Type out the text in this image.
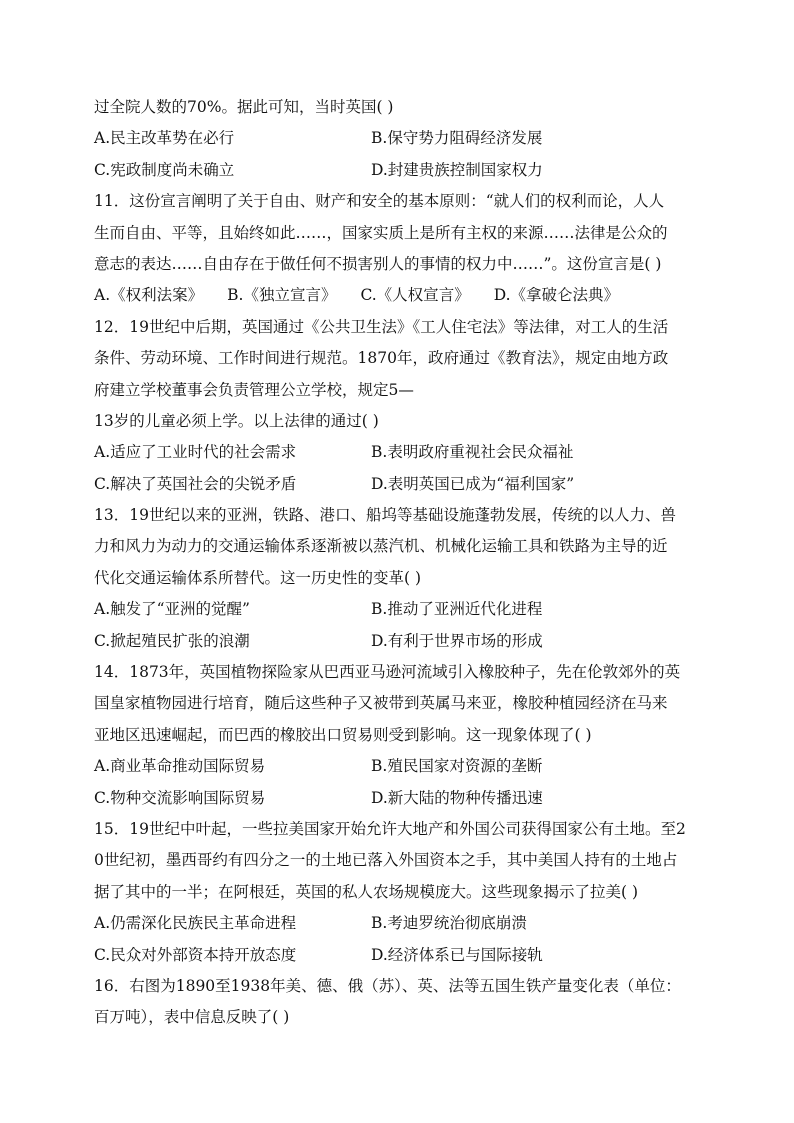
过全院人数的70%。据此可知，当时英国( )
A.民主改革势在必行	B.保守势力阻碍经济发展
C.宪政制度尚未确立	D.封建贵族控制国家权力
11．这份宣言阐明了关于自由、财产和安全的基本原则：“就人们的权利而论，人人
生而自由、平等，且始终如此……，国家实质上是所有主权的来源……法律是公众的
意志的表达……自由存在于做任何不损害别人的事情的权力中……”。这份宣言是( )
A.《权利法案》 B.《独立宣言》 C.《人权宣言》 D.《拿破仑法典》
12．19世纪中后期，英国通过《公共卫生法》《工人住宅法》等法律，对工人的生活
条件、劳动环境、工作时间进行规范。1870年，政府通过《教育法》，规定由地方政
府建立学校董事会负责管理公立学校，规定5—
13岁的儿童必须上学。以上法律的通过( )
A.适应了工业时代的社会需求	B.表明政府重视社会民众福祉
C.解决了英国社会的尖锐矛盾	D.表明英国已成为“福利国家”
13．19世纪以来的亚洲，铁路、港口、船坞等基础设施蓬勃发展，传统的以人力、兽
力和风力为动力的交通运输体系逐渐被以蒸汽机、机械化运输工具和铁路为主导的近
代化交通运输体系所替代。这一历史性的变革( )
A.触发了“亚洲的觉醒”	B.推动了亚洲近代化进程
C.掀起殖民扩张的浪潮	D.有利于世界市场的形成
14．1873年，英国植物探险家从巴西亚马逊河流域引入橡胶种子，先在伦敦郊外的英
国皇家植物园进行培育，随后这些种子又被带到英属马来亚，橡胶种植园经济在马来
亚地区迅速崛起，而巴西的橡胶出口贸易则受到影响。这一现象体现了( )
A.商业革命推动国际贸易	B.殖民国家对资源的垄断
C.物种交流影响国际贸易	D.新大陆的物种传播迅速
15．19世纪中叶起，一些拉美国家开始允许大地产和外国公司获得国家公有土地。至2
0世纪初，墨西哥约有四分之一的土地已落入外国资本之手，其中美国人持有的土地占
据了其中的一半；在阿根廷，英国的私人农场规模庞大。这些现象揭示了拉美( )
A.仍需深化民族民主革命进程	B.考迪罗统治彻底崩溃
C.民众对外部资本持开放态度	D.经济体系已与国际接轨
16．右图为1890至1938年美、德、俄（苏）、英、法等五国生铁产量变化表（单位：
百万吨），表中信息反映了( )
